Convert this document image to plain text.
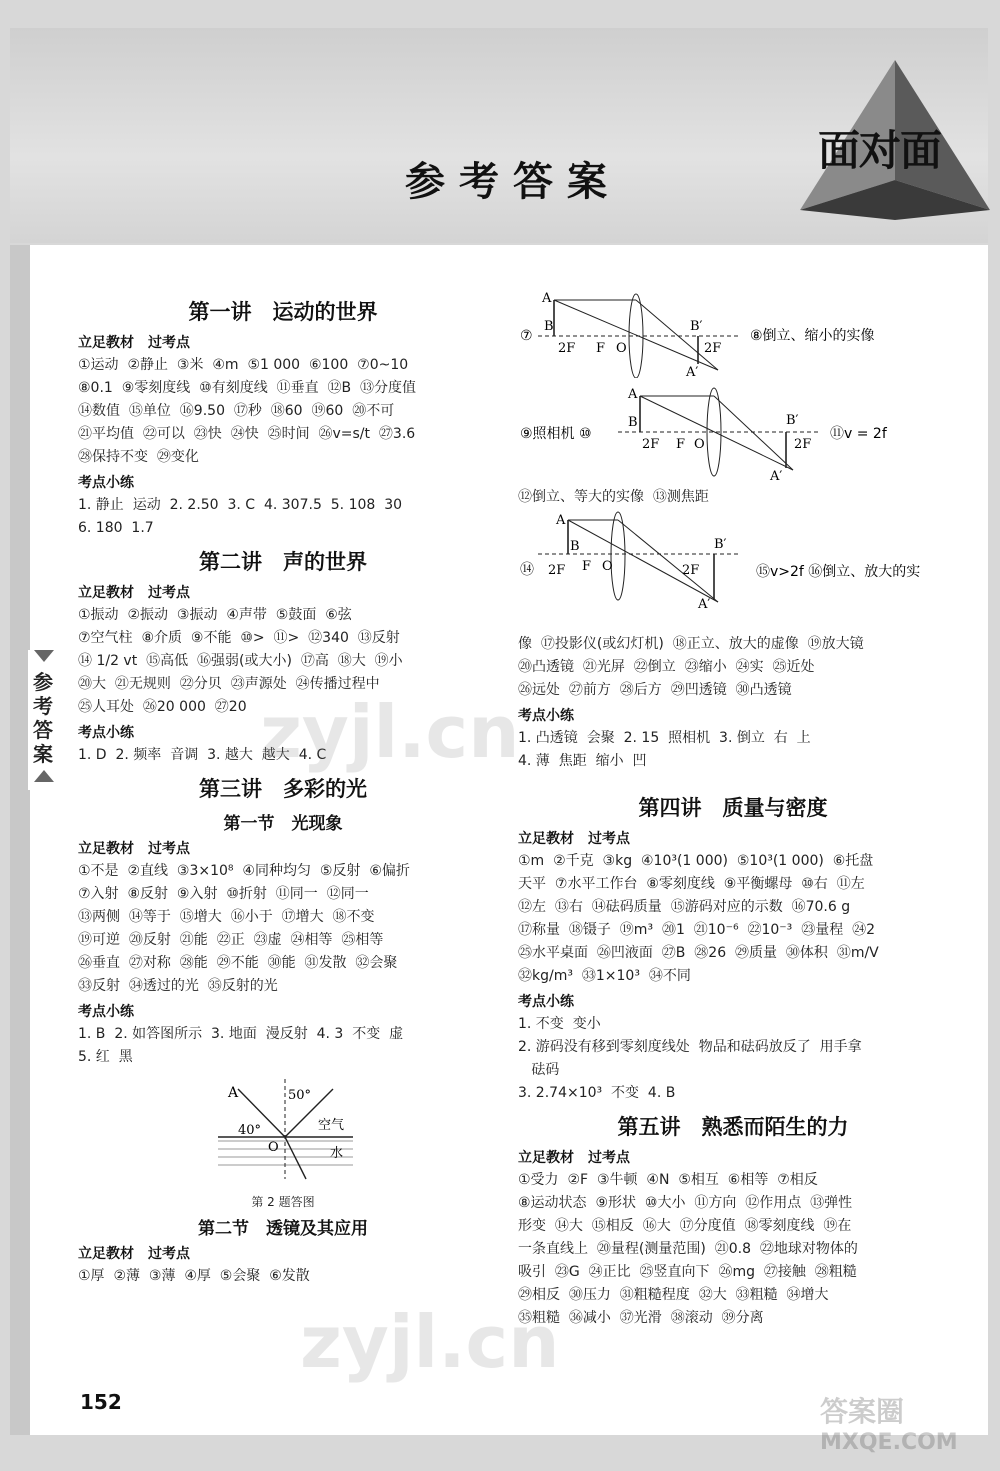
参考答案
面对面
参考答案
第一讲　运动的世界
立足教材　过考点
①运动  ②静止  ③米  ④m  ⑤1 000  ⑥100  ⑦0~10
⑧0.1  ⑨零刻度线  ⑩有刻度线  ⑪垂直  ⑫B  ⑬分度值
⑭数值  ⑮单位  ⑯9.50  ⑰秒  ⑱60  ⑲60  ⑳不可
㉑平均值  ㉒可以  ㉓快  ㉔快  ㉕时间  ㉖v=s/t  ㉗3.6
㉘保持不变  ㉙变化
考点小练
1. 静止  运动  2. 2.50  3. C  4. 307.5  5. 108  30
6. 180  1.7
第二讲　声的世界
立足教材　过考点
①振动  ②振动  ③振动  ④声带  ⑤鼓面  ⑥弦
⑦空气柱  ⑧介质  ⑨不能  ⑩>  ⑪>  ⑫340  ⑬反射
⑭ 1/2 vt  ⑮高低  ⑯强弱(或大小)  ⑰高  ⑱大  ⑲小
⑳大  ㉑无规则  ㉒分贝  ㉓声源处  ㉔传播过程中
㉕人耳处  ㉖20 000  ㉗20
考点小练
1. D  2. 频率  音调  3. 越大  越大  4. C
第三讲　多彩的光
第一节　光现象
立足教材　过考点
①不是  ②直线  ③3×10⁸  ④同种均匀  ⑤反射  ⑥偏折
⑦入射  ⑧反射  ⑨入射  ⑩折射  ⑪同一  ⑫同一
⑬两侧  ⑭等于  ⑮增大  ⑯小于  ⑰增大  ⑱不变
⑲可逆  ⑳反射  ㉑能  ㉒正  ㉓虚  ㉔相等  ㉕相等
㉖垂直  ㉗对称  ㉘能  ㉙不能  ㉚能  ㉛发散  ㉜会聚
㉝反射  ㉞透过的光  ㉟反射的光
考点小练
1. B  2. 如答图所示  3. 地面  漫反射  4. 3  不变  虚
5. 红  黑
A
40°
50°
空气
水
O
第 2 题答图
第二节　透镜及其应用
立足教材　过考点
①厚  ②薄  ③薄  ④厚  ⑤会聚  ⑥发散
⑦
A
B
2F F O
B′
2F
A′
⑧倒立、缩小的实像
⑨照相机 ⑩
A
B
2F F O
B′
2F
A′
⑪v = 2f
⑫倒立、等大的实像  ⑬测焦距
⑭
A
B
2F F O
B′
2F
A′
⑮v>2f ⑯倒立、放大的实
像  ⑰投影仪(或幻灯机)  ⑱正立、放大的虚像  ⑲放大镜
⑳凸透镜  ㉑光屏  ㉒倒立  ㉓缩小  ㉔实  ㉕近处
㉖远处  ㉗前方  ㉘后方  ㉙凹透镜  ㉚凸透镜
考点小练
1. 凸透镜  会聚  2. 15  照相机  3. 倒立  右  上
4. 薄  焦距  缩小  凹
第四讲　质量与密度
立足教材　过考点
①m  ②千克  ③kg  ④10³(1 000)  ⑤10³(1 000)  ⑥托盘
天平  ⑦水平工作台  ⑧零刻度线  ⑨平衡螺母  ⑩右  ⑪左
⑫左  ⑬右  ⑭砝码质量  ⑮游码对应的示数  ⑯70.6 g
⑰称量  ⑱镊子  ⑲m³  ⑳1  ㉑10⁻⁶  ㉒10⁻³  ㉓量程  ㉔2
㉕水平桌面  ㉖凹液面  ㉗B  ㉘26  ㉙质量  ㉚体积  ㉛m/V
㉜kg/m³  ㉝1×10³  ㉞不同
考点小练
1. 不变  变小
2. 游码没有移到零刻度线处  物品和砝码放反了  用手拿
砝码
3. 2.74×10³  不变  4. B
第五讲　熟悉而陌生的力
立足教材　过考点
①受力  ②F  ③牛顿  ④N  ⑤相互  ⑥相等  ⑦相反
⑧运动状态  ⑨形状  ⑩大小  ⑪方向  ⑫作用点  ⑬弹性
形变  ⑭大  ⑮相反  ⑯大  ⑰分度值  ⑱零刻度线  ⑲在
一条直线上  ⑳量程(测量范围)  ㉑0.8  ㉒地球对物体的
吸引  ㉓G  ㉔正比  ㉕竖直向下  ㉖mg  ㉗接触  ㉘粗糙
㉙相反  ㉚压力  ㉛粗糙程度  ㉜大  ㉝粗糙  ㉞增大
㉟粗糙  ㊱减小  ㊲光滑  ㊳滚动  ㊴分离
152
zyjl.cn
zyjl.cn
答案圈
MXQE.COM
